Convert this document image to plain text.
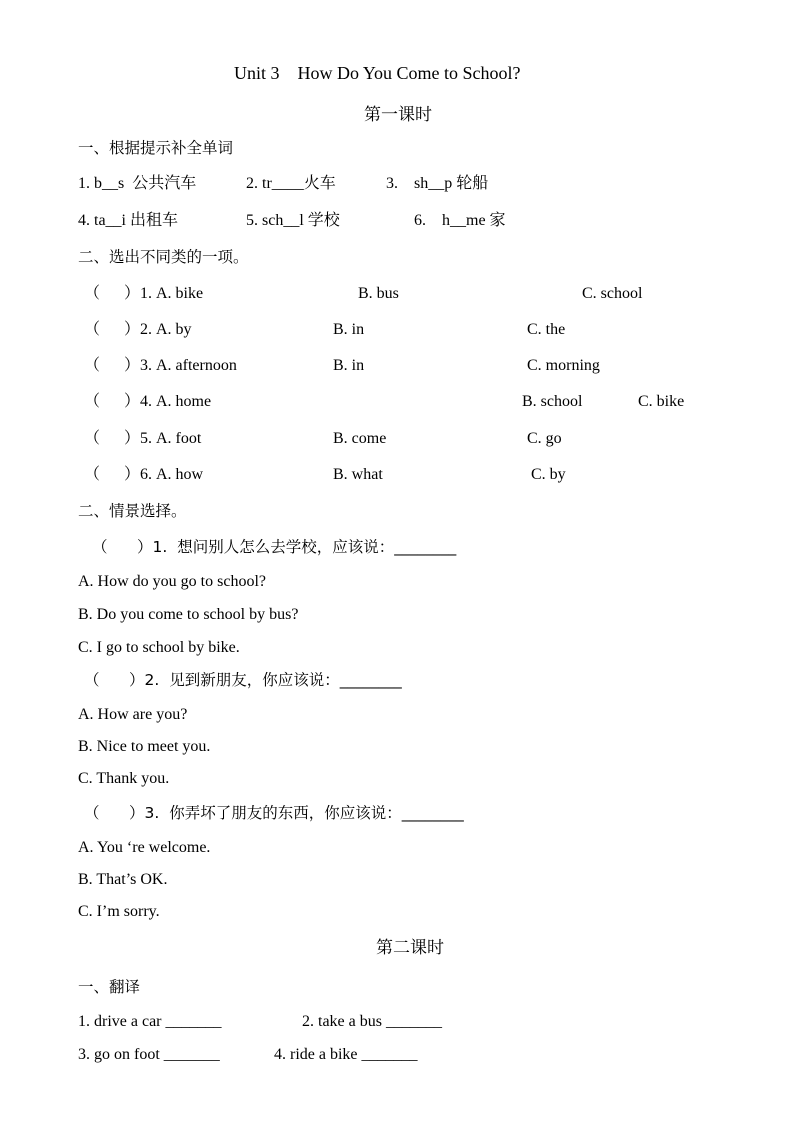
Unit 3    How Do You Come to School?
第一课时
一、根据提示补全单词
1. b__s  公共汽车	2. tr____火车	3.    sh__p 轮船
4. ta__i 出租车	5. sch__l 学校	6.    h__me 家
二、选出不同类的一项。
（      ）1. A. bike	B. bus	C. school
（      ）2. A. by	B. in	C. the
（      ）3. A. afternoon	B. in	C. morning
（      ）4. A. home	B. school	C. bike
（      ）5. A. foot	B. come	C. go
（      ）6. A. how	B. what	C. by
二、情景选择。
（      ）1.  想问别人怎么去学校，应该说：________
A. How do you go to school?
B. Do you come to school by bus?
C. I go to school by bike.
（      ）2.  见到新朋友，你应该说：________
A. How are you?
B. Nice to meet you.
C. Thank you.
（      ）3.  你弄坏了朋友的东西，你应该说：________
A. You ‘re welcome.
B. That’s OK.
C. I’m sorry.
第二课时
一、翻译
1. drive a car _______	2. take a bus _______
3. go on foot _______	4. ride a bike _______
